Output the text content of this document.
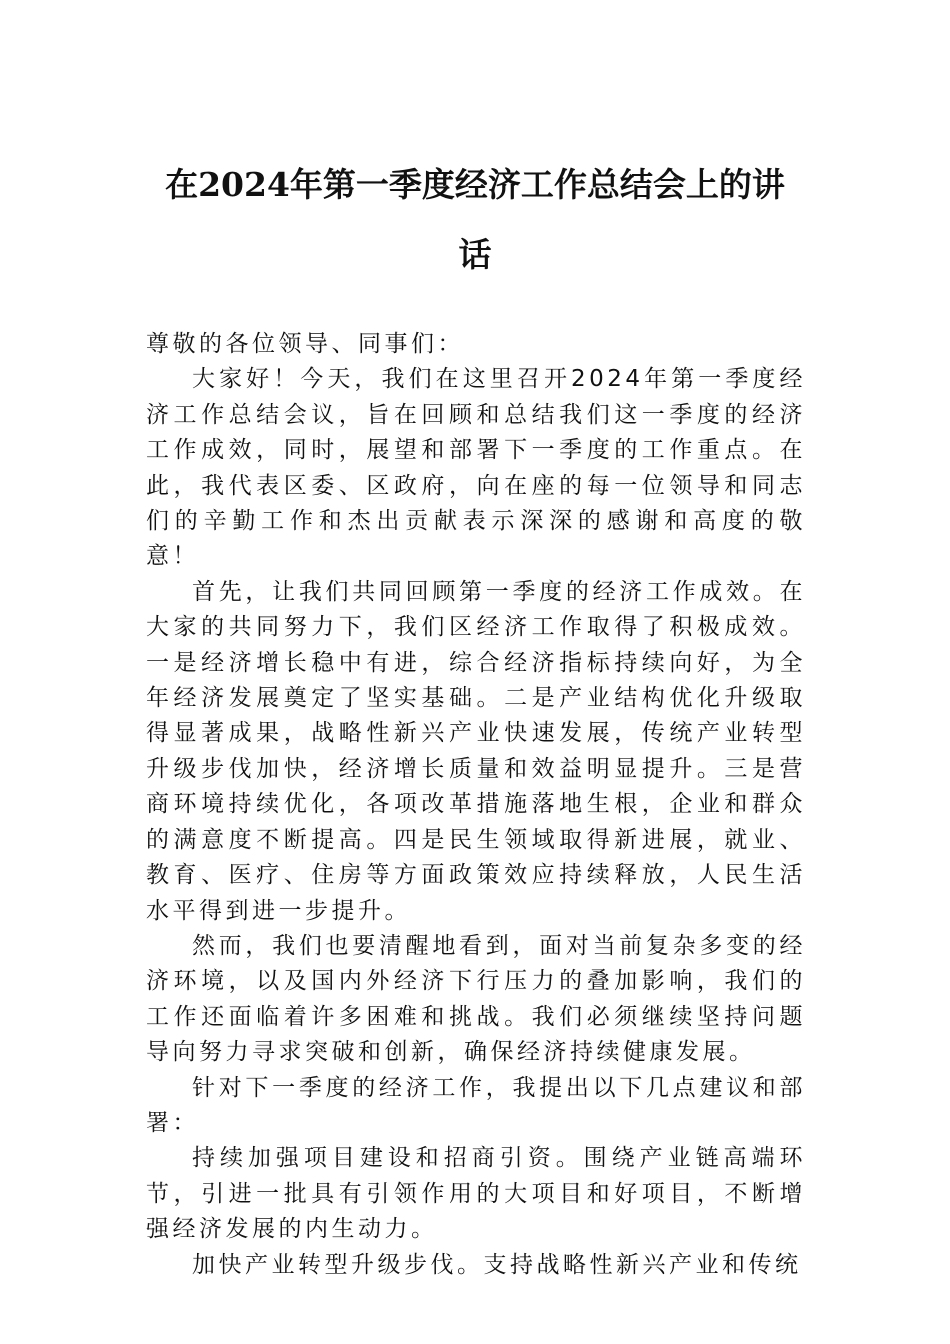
在2024年第一季度经济工作总结会上的讲
话

尊敬的各位领导、同事们：

大家好！今天，我们在这里召开2024年第一季度经济工作总结会议，旨在回顾和总结我们这一季度的经济工作成效，同时，展望和部署下一季度的工作重点。在此，我代表区委、区政府，向在座的每一位领导和同志们的辛勤工作和杰出贡献表示深深的感谢和高度的敬意！

首先，让我们共同回顾第一季度的经济工作成效。在大家的共同努力下，我们区经济工作取得了积极成效。一是经济增长稳中有进，综合经济指标持续向好，为全年经济发展奠定了坚实基础。二是产业结构优化升级取得显著成果，战略性新兴产业快速发展，传统产业转型升级步伐加快，经济增长质量和效益明显提升。三是营商环境持续优化，各项改革措施落地生根，企业和群众的满意度不断提高。四是民生领域取得新进展，就业、教育、医疗、住房等方面政策效应持续释放，人民生活水平得到进一步提升。

然而，我们也要清醒地看到，面对当前复杂多变的经济环境，以及国内外经济下行压力的叠加影响，我们的工作还面临着许多困难和挑战。我们必须继续坚持问题导向努力寻求突破和创新，确保经济持续健康发展。

针对下一季度的经济工作，我提出以下几点建议和部署：

持续加强项目建设和招商引资。围绕产业链高端环节，引进一批具有引领作用的大项目和好项目，不断增强经济发展的内生动力。

加快产业转型升级步伐。支持战略性新兴产业和传统
